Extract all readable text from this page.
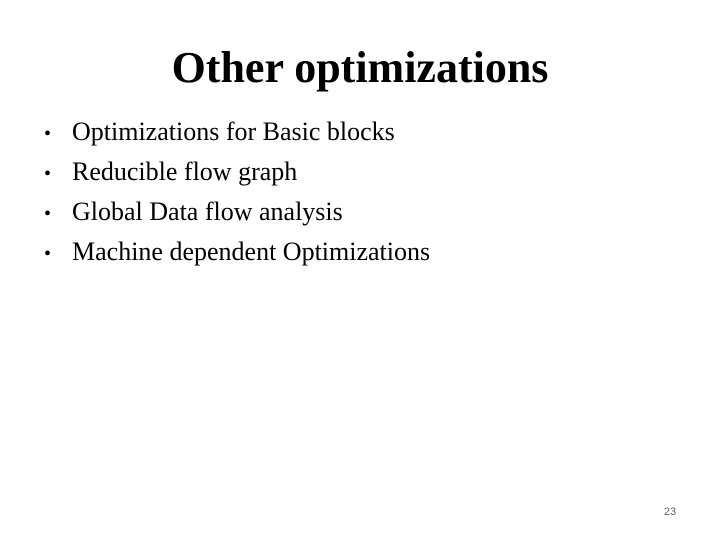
Other optimizations
• Optimizations for Basic blocks
• Reducible flow graph
• Global Data flow analysis
• Machine dependent Optimizations
23
